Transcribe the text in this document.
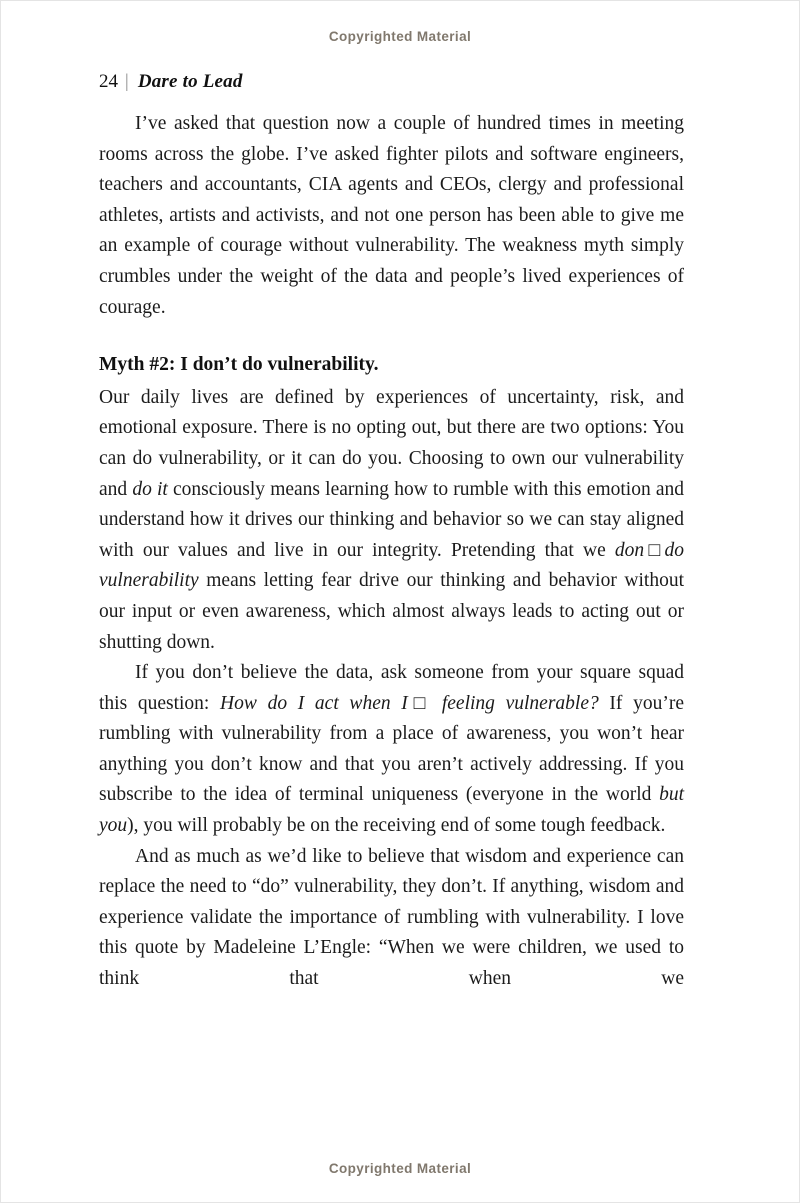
Copyrighted Material
24 | Dare to Lead

I’ve asked that question now a couple of hundred times in meeting rooms across the globe. I’ve asked fighter pilots and software engineers, teachers and accountants, CIA agents and CEOs, clergy and professional athletes, artists and activists, and not one person has been able to give me an example of courage without vulnerability. The weakness myth simply crumbles under the weight of the data and people’s lived experiences of courage.

Myth #2: I don’t do vulnerability.

Our daily lives are defined by experiences of uncertainty, risk, and emotional exposure. There is no opting out, but there are two options: You can do vulnerability, or it can do you. Choosing to own our vulnerability and do it consciously means learning how to rumble with this emotion and understand how it drives our thinking and behavior so we can stay aligned with our values and live in our integrity. Pretending that we don□do vulnerability means letting fear drive our thinking and behavior without our input or even awareness, which almost always leads to acting out or shutting down.

If you don’t believe the data, ask someone from your square squad this question: How do I act when I□ feeling vulnerable? If you’re rumbling with vulnerability from a place of awareness, you won’t hear anything you don’t know and that you aren’t actively addressing. If you subscribe to the idea of terminal uniqueness (everyone in the world but you), you will probably be on the receiving end of some tough feedback.

And as much as we’d like to believe that wisdom and experience can replace the need to “do” vulnerability, they don’t. If anything, wisdom and experience validate the importance of rumbling with vulnerability. I love this quote by Madeleine L’Engle: “When we were children, we used to think that when we

Copyrighted Material
